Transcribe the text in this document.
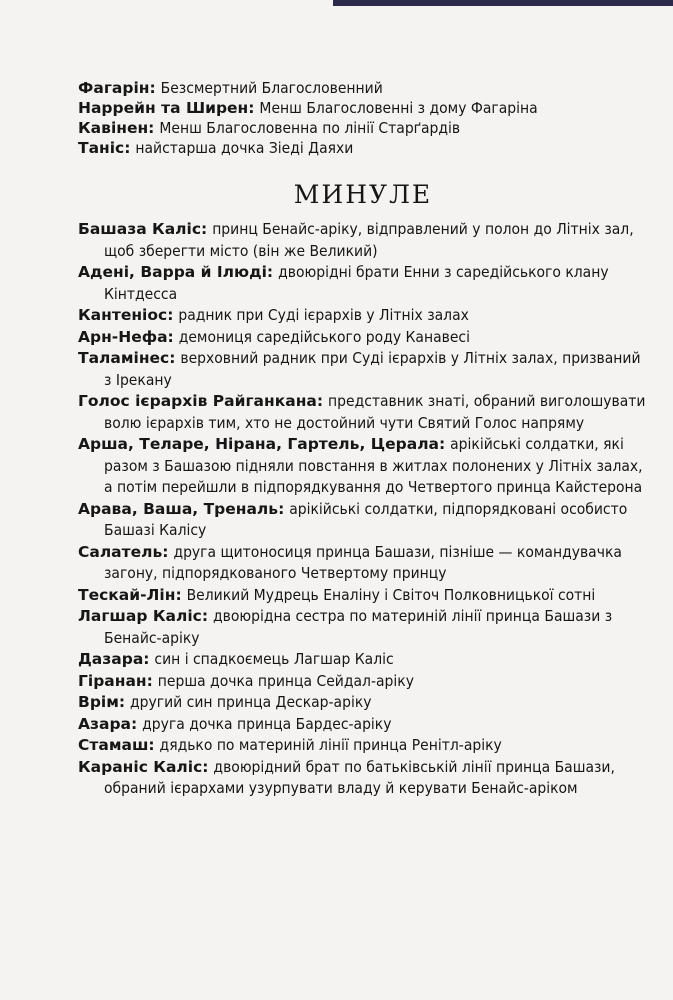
Фагарін: Безсмертний Благословенний

Наррейн та Ширен: Менш Благословенні з дому Фагаріна

Кавінен: Менш Благословенна по лінії Старґардів

Таніс: найстарша дочка Зіеді Даяхи

МИНУЛЕ

Башаза Каліс: принц Бенайс-аріку, відправлений у полон до Літніх зал, щоб зберегти місто (він же Великий)

Адені, Варра й Ілюді: двоюрідні брати Енни з саредійського клану Кінтдесса

Кантеніос: радник при Суді ієрархів у Літніх залах

Арн-Нефа: демониця саредійського роду Канавесі

Таламінес: верховний радник при Суді ієрархів у Літніх залах, призваний з Ірекану

Голос ієрархів Райганкана: представник знаті, обраний виголошувати волю ієрархів тим, хто не достойний чути Святий Голос напряму

Арша, Теларе, Нірана, Гартель, Церала: арікійські солдатки, які разом з Башазою підняли повстання в житлах полонених у Літніх залах, а потім перейшли в підпорядкування до Четвертого принца Кайстерона

Арава, Ваша, Треналь: арікійські солдатки, підпорядковані особисто Башазі Калісу

Салатель: друга щитоносиця принца Башази, пізніше — командувачка загону, підпорядкованого Четвертому принцу

Тескай-Лін: Великий Мудрець Еналіну і Світоч Полковницької сотні

Лагшар Каліс: двоюрідна сестра по материній лінії принца Башази з Бенайс-аріку

Дазара: син і спадкоємець Лагшар Каліс

Гіранан: перша дочка принца Сейдал-аріку

Врім: другий син принца Дескар-аріку

Азара: друга дочка принца Бардес-аріку

Стамаш: дядько по материній лінії принца Ренітл-аріку

Караніс Каліс: двоюрідний брат по батьківській лінії принца Башази, обраний ієрархами узурпувати владу й керувати Бенайс-аріком
